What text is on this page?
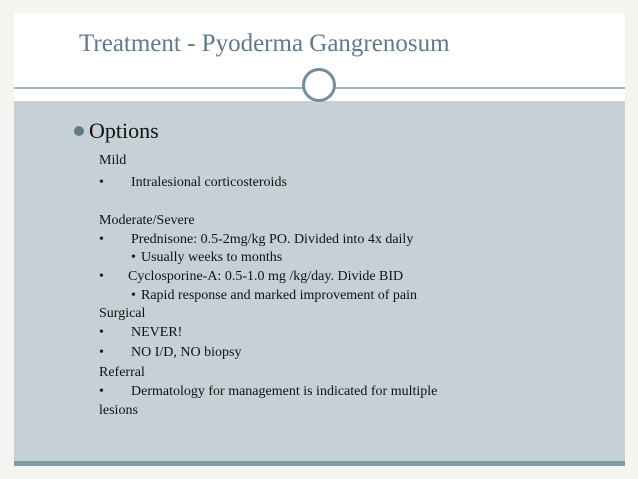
Treatment - Pyoderma Gangrenosum
Options
Mild
• Intralesional corticosteroids
Moderate/Severe
• Prednisone: 0.5-2mg/kg PO. Divided into 4x daily
• Usually weeks to months
• Cyclosporine-A: 0.5-1.0 mg /kg/day. Divide BID
• Rapid response and marked improvement of pain
Surgical
• NEVER!
• NO I/D, NO biopsy
Referral
• Dermatology for management is indicated for multiple
lesions
